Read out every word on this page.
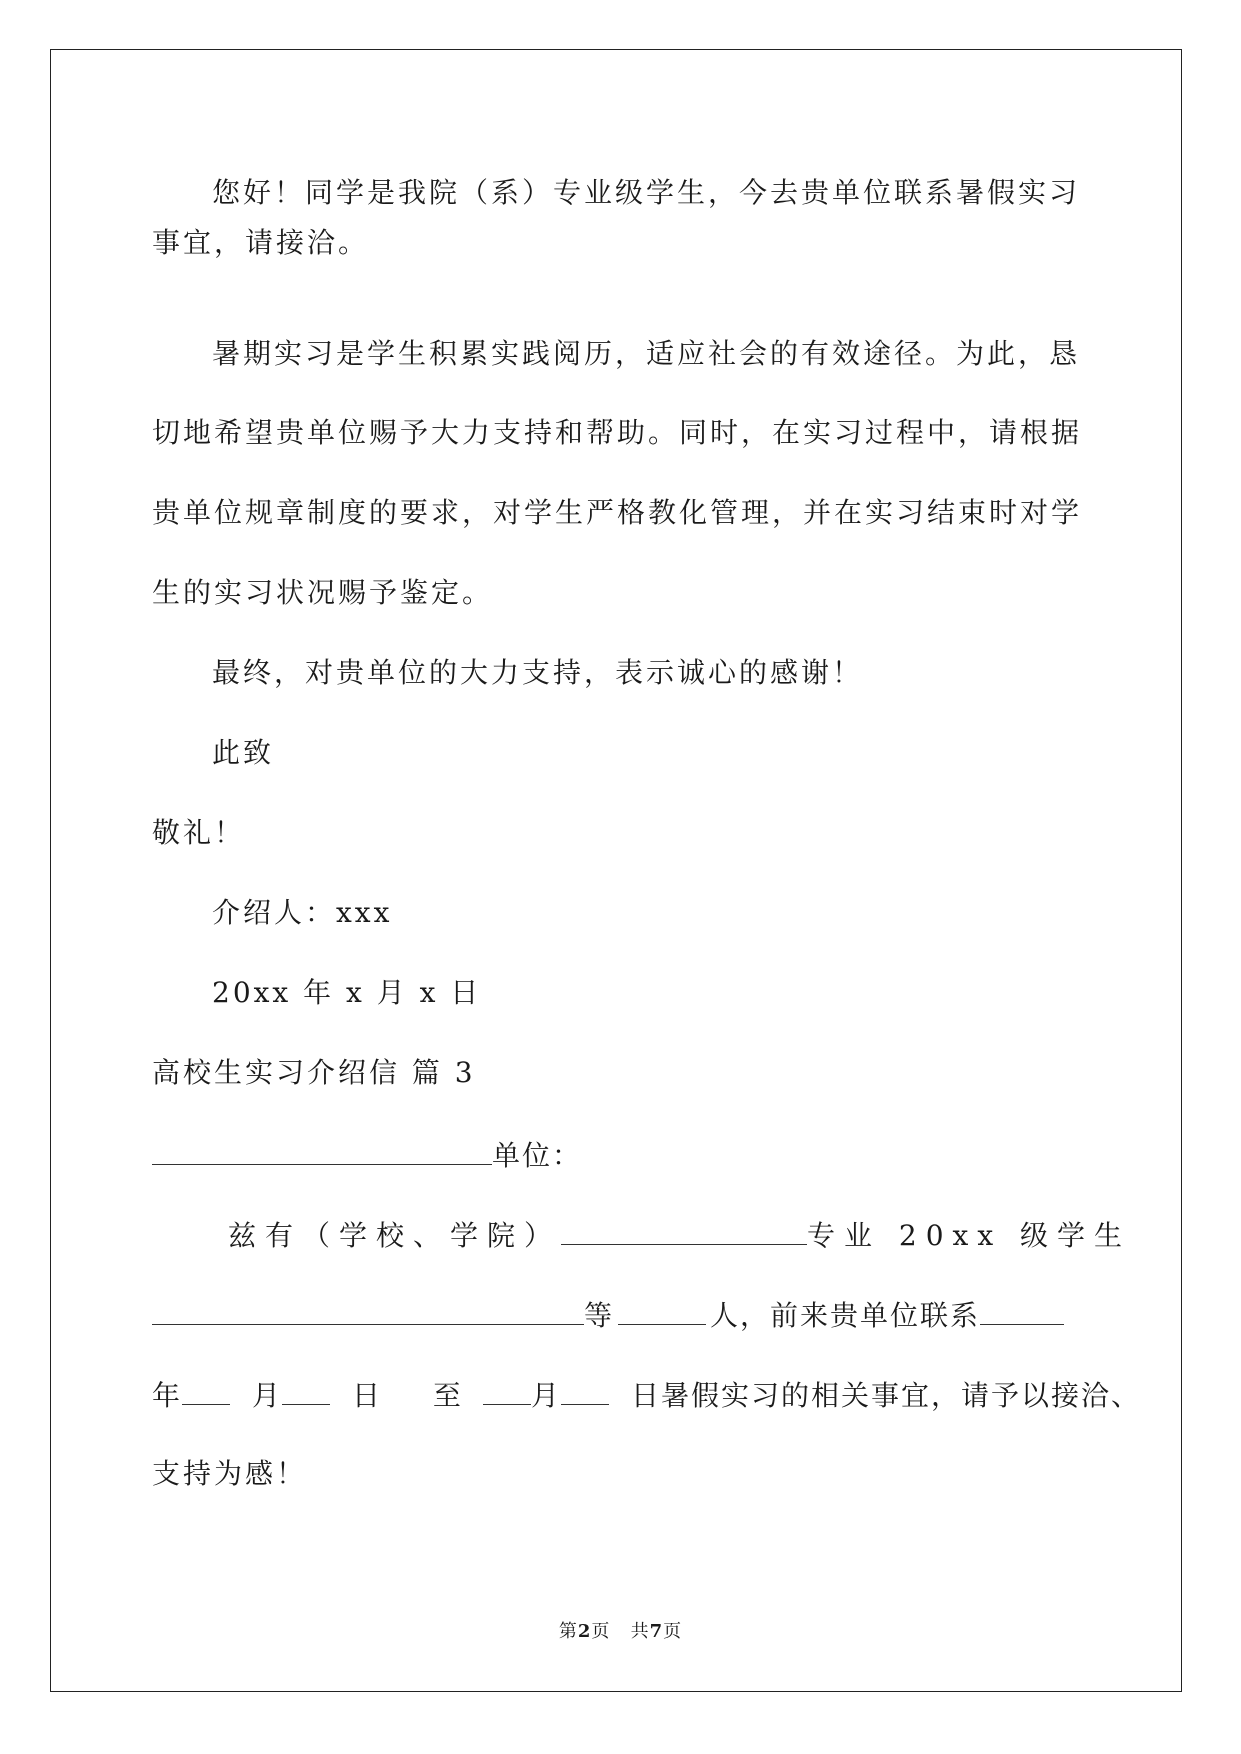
您好！同学是我院（系）专业级学生，今去贵单位联系暑假实习
事宜，请接洽。
暑期实习是学生积累实践阅历，适应社会的有效途径。为此，恳
切地希望贵单位赐予大力支持和帮助。同时，在实习过程中，请根据
贵单位规章制度的要求，对学生严格教化管理，并在实习结束时对学
生的实习状况赐予鉴定。
最终，对贵单位的大力支持，表示诚心的感谢！
此致
敬礼！
介绍人：xxx
20xx 年 x 月 x 日
高校生实习介绍信 篇 3
单位：
兹有（学校、学院）	专业 20xx 级学生
等	人，前来贵单位联系
年	月	日 至 月	日暑假实习的相关事宜，请予以接洽、
支持为感！
第2页 共7页
